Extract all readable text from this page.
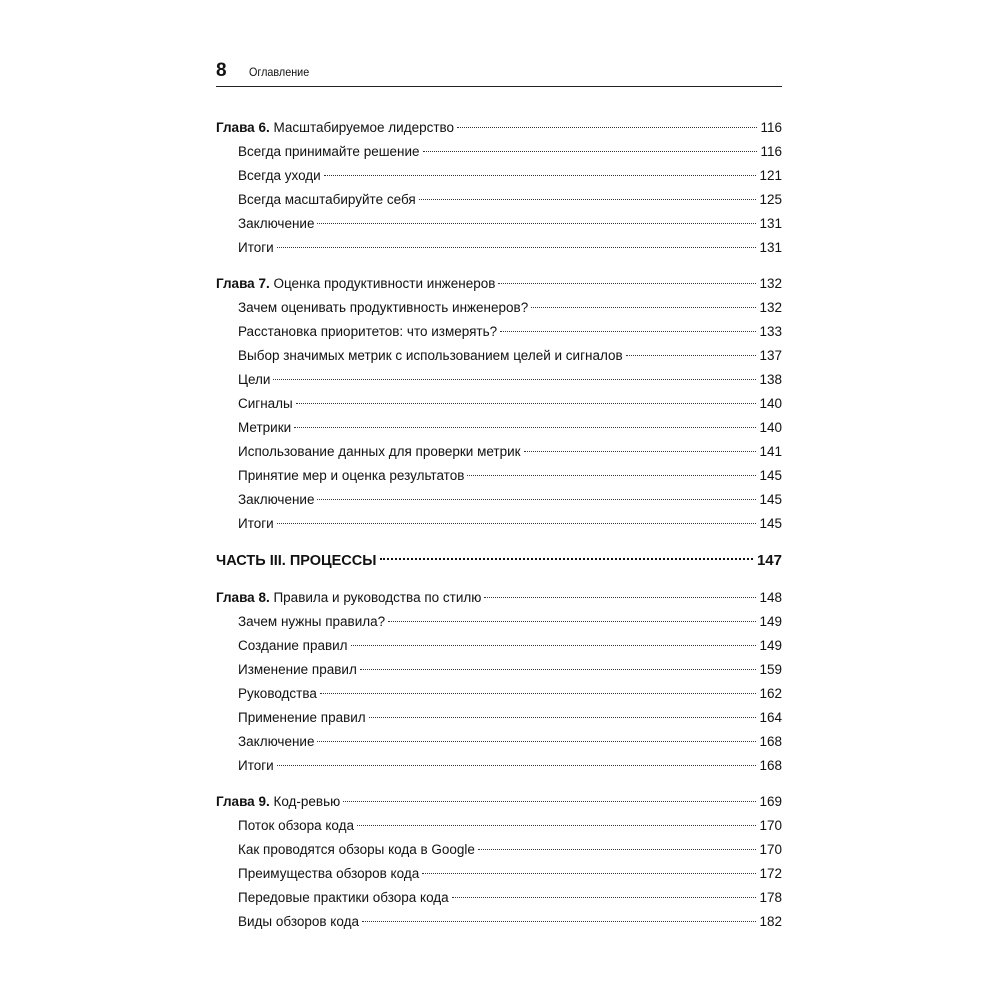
8 Оглавление
Глава 6. Масштабируемое лидерство	116
Всегда принимайте решение	116
Всегда уходи	121
Всегда масштабируйте себя	125
Заключение	131
Итоги	131
Глава 7. Оценка продуктивности инженеров	132
Зачем оценивать продуктивность инженеров?	132
Расстановка приоритетов: что измерять?	133
Выбор значимых метрик с использованием целей и сигналов	137
Цели	138
Сигналы	140
Метрики	140
Использование данных для проверки метрик	141
Принятие мер и оценка результатов	145
Заключение	145
Итоги	145
ЧАСТЬ III. ПРОЦЕССЫ	147
Глава 8. Правила и руководства по стилю	148
Зачем нужны правила?	149
Создание правил	149
Изменение правил	159
Руководства	162
Применение правил	164
Заключение	168
Итоги	168
Глава 9. Код-ревью	169
Поток обзора кода	170
Как проводятся обзоры кода в Google	170
Преимущества обзоров кода	172
Передовые практики обзора кода	178
Виды обзоров кода	182
